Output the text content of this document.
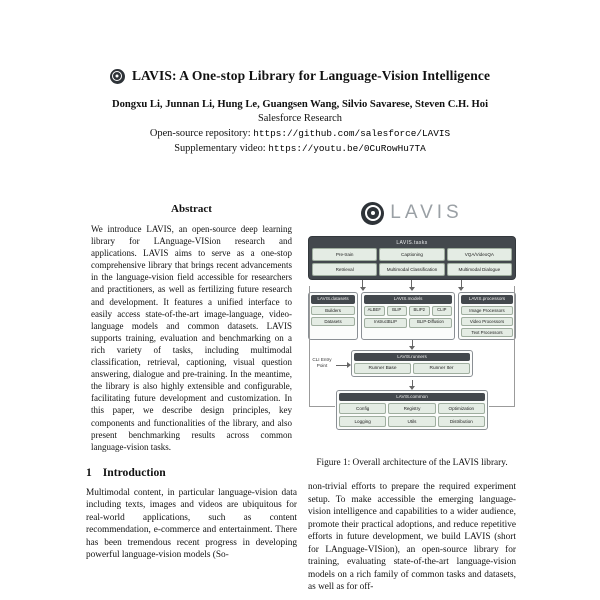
LAVIS: A One-stop Library for Language-Vision Intelligence
Dongxu Li, Junnan Li, Hung Le, Guangsen Wang, Silvio Savarese, Steven C.H. Hoi
Salesforce Research
Open-source repository: https://github.com/salesforce/LAVIS
Supplementary video: https://youtu.be/0CuRowHu7TA
Abstract

We introduce LAVIS, an open-source deep learning library for LAnguage-VISion research and applications. LAVIS aims to serve as a one-stop comprehensive library that brings recent advancements in the language-vision field accessible for researchers and practitioners, as well as fertilizing future research and development. It features a unified interface to easily access state-of-the-art image-language, video-language models and common datasets. LAVIS supports training, evaluation and benchmarking on a rich variety of tasks, including multimodal classification, retrieval, captioning, visual question answering, dialogue and pre-training. In the meantime, the library is also highly extensible and configurable, facilitating future development and customization. In this paper, we describe design principles, key components and functionalities of the library, and also present benchmarking results across common language-vision tasks.

1 Introduction

Multimodal content, in particular language-vision data including texts, images and videos are ubiquitous for real-world applications, such as content recommendation, e-commerce and entertainment. There has been tremendous recent progress in developing powerful language-vision models (So-

LAVIS
LAVIS.tasks
Pre-train	Captioning	VQA/VideoQA
Retrieval	Multimodal Classification	Multimodal Dialogue
LAVIS.datasets
Builders
Datasets
LAVIS.models
ALBEF	BLIP	BLIP2	CLIP
InstructBLIP	BLIP-Diffusion
LAVIS.processors
Image Processors
Video Processors
Text Processors
CLI Entry Point
LAVIS.runners
Runner Base	Runner Iter
LAVIS.common
Config	Registry	Optimization
Logging	Utils	Distribution
Figure 1: Overall architecture of the LAVIS library.

non-trivial efforts to prepare the required experiment setup. To make accessible the emerging language-vision intelligence and capabilities to a wider audience, promote their practical adoptions, and reduce repetitive efforts in future development, we build LAVIS (short for LAnguage-VISion), an open-source library for training, evaluating state-of-the-art language-vision models on a rich family of common tasks and datasets, as well as for off-
